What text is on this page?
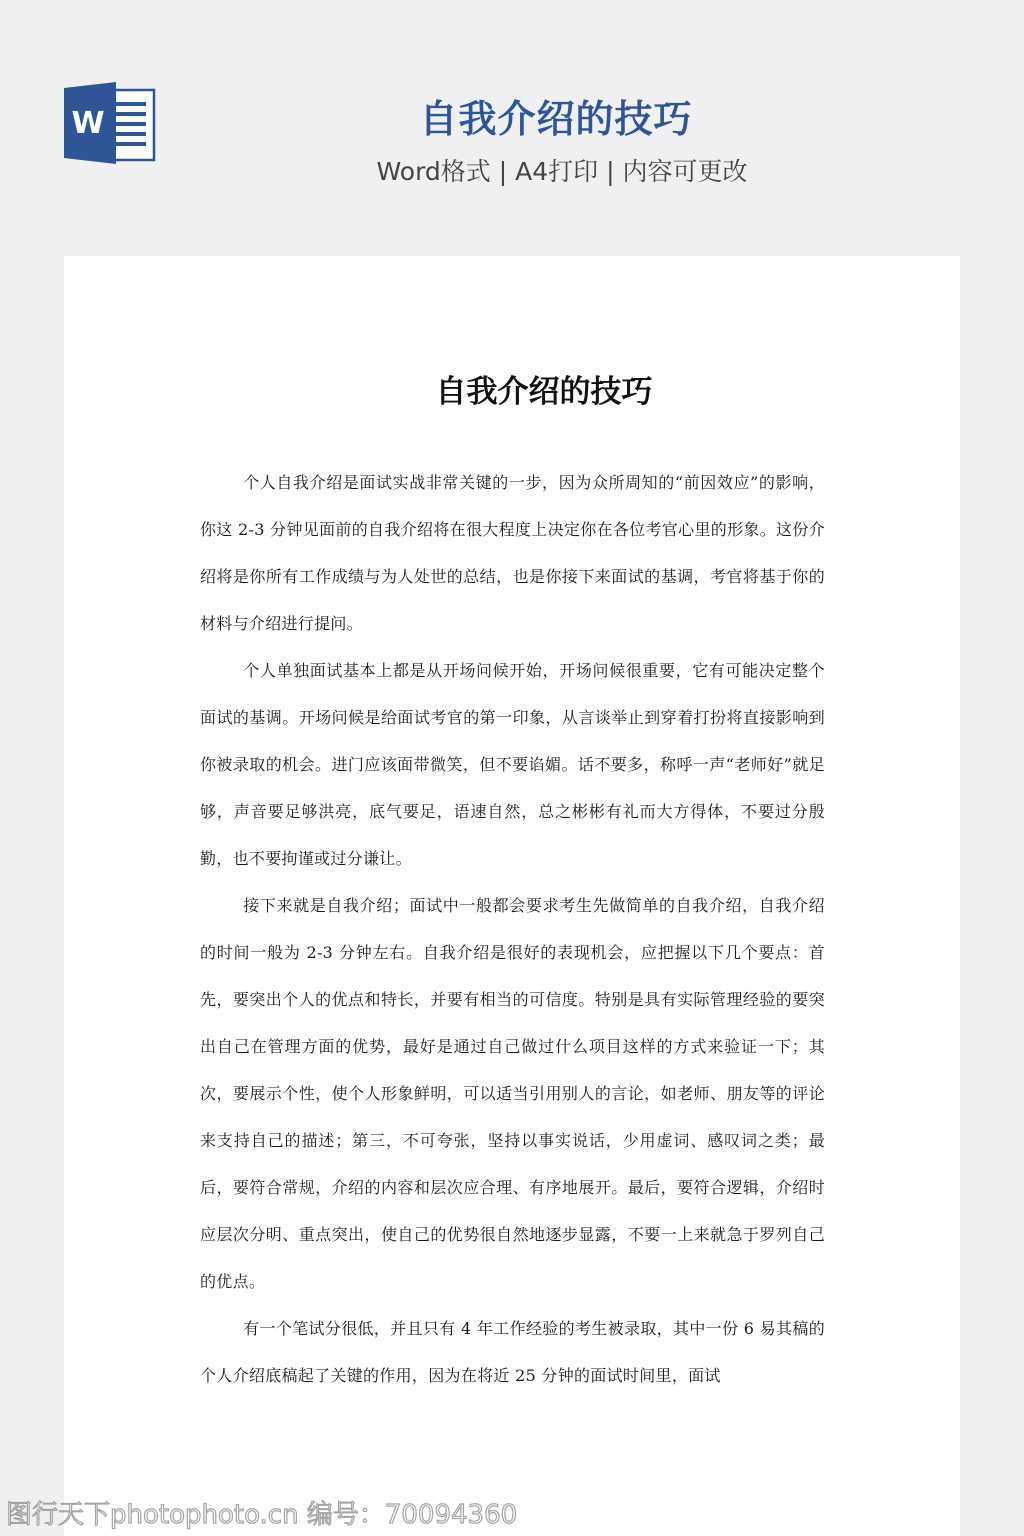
W	自我介绍的技巧
Word格式 | A4打印 | 内容可更改
自我介绍的技巧

个人自我介绍是面试实战非常关键的一步，因为众所周知的“前因效应”的影响，你这 2-3 分钟见面前的自我介绍将在很大程度上决定你在各位考官心里的形象。这份介绍将是你所有工作成绩与为人处世的总结，也是你接下来面试的基调，考官将基于你的材料与介绍进行提问。

个人单独面试基本上都是从开场问候开始，开场问候很重要，它有可能决定整个面试的基调。开场问候是给面试考官的第一印象，从言谈举止到穿着打扮将直接影响到你被录取的机会。进门应该面带微笑，但不要谄媚。话不要多，称呼一声“老师好”就足够，声音要足够洪亮，底气要足，语速自然，总之彬彬有礼而大方得体，不要过分殷勤，也不要拘谨或过分谦让。

接下来就是自我介绍；面试中一般都会要求考生先做简单的自我介绍，自我介绍的时间一般为 2-3 分钟左右。自我介绍是很好的表现机会，应把握以下几个要点：首先，要突出个人的优点和特长，并要有相当的可信度。特别是具有实际管理经验的要突出自己在管理方面的优势，最好是通过自己做过什么项目这样的方式来验证一下；其次，要展示个性，使个人形象鲜明，可以适当引用别人的言论，如老师、朋友等的评论来支持自己的描述；第三，不可夸张，坚持以事实说话，少用虚词、感叹词之类；最后，要符合常规，介绍的内容和层次应合理、有序地展开。最后，要符合逻辑，介绍时应层次分明、重点突出，使自己的优势很自然地逐步显露，不要一上来就急于罗列自己的优点。

有一个笔试分很低，并且只有 4 年工作经验的考生被录取，其中一份 6 易其稿的个人介绍底稿起了关键的作用，因为在将近 25 分钟的面试时间里，面试

图行天下photophoto.cn 编号：70094360
